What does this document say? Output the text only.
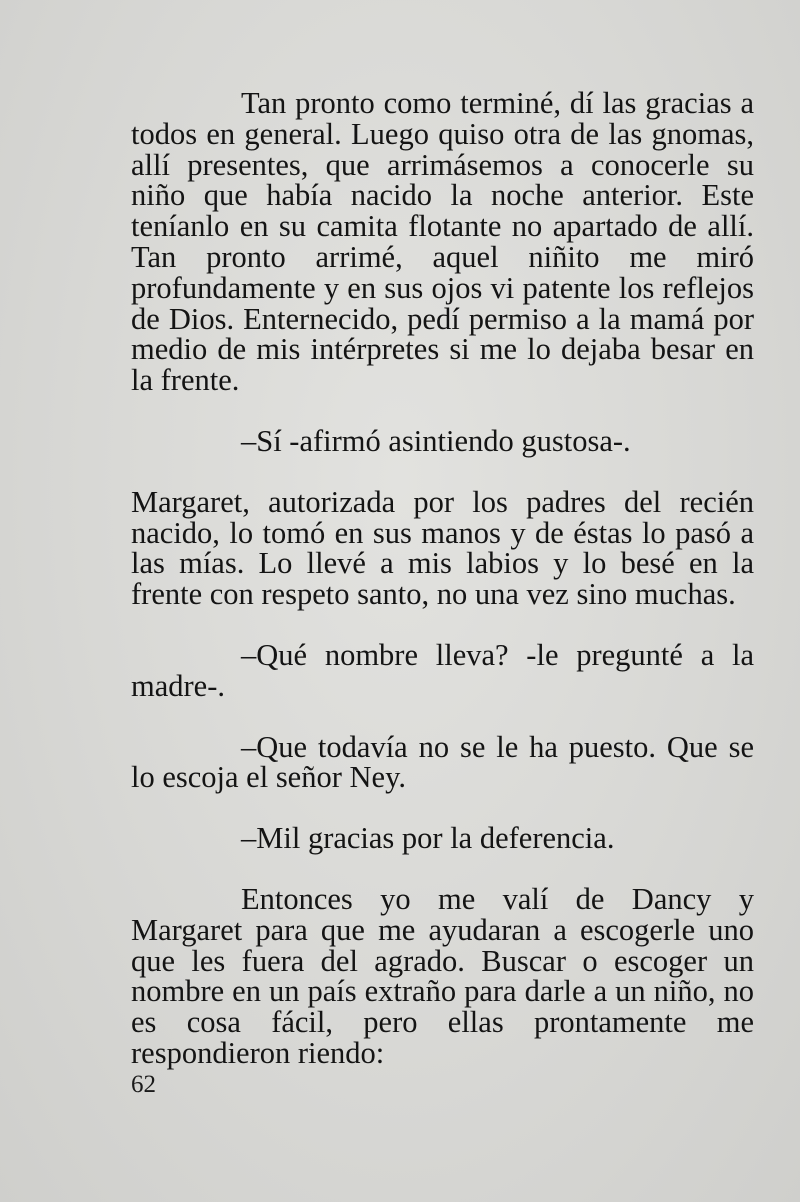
Tan pronto como terminé, dí las gracias a todos en general. Luego quiso otra de las gnomas, allí presentes, que arrimásemos a conocerle su niño que había nacido la noche anterior. Este teníanlo en su camita flotante no apartado de allí. Tan pronto arrimé, aquel niñito me miró profundamente y en sus ojos vi patente los reflejos de Dios. Enternecido, pedí permiso a la mamá por medio de mis intérpretes si me lo dejaba besar en la frente.

–Sí -afirmó asintiendo gustosa-.

Margaret, autorizada por los padres del recién nacido, lo tomó en sus manos y de éstas lo pasó a las mías. Lo llevé a mis labios y lo besé en la frente con respeto santo, no una vez sino muchas.

–Qué nombre lleva? -le pregunté a la madre-.

–Que todavía no se le ha puesto. Que se lo escoja el señor Ney.

–Mil gracias por la deferencia.

Entonces yo me valí de Dancy y Margaret para que me ayudaran a escogerle uno que les fuera del agrado. Buscar o escoger un nombre en un país extraño para darle a un niño, no es cosa fácil, pero ellas prontamente me respondieron riendo:

62
